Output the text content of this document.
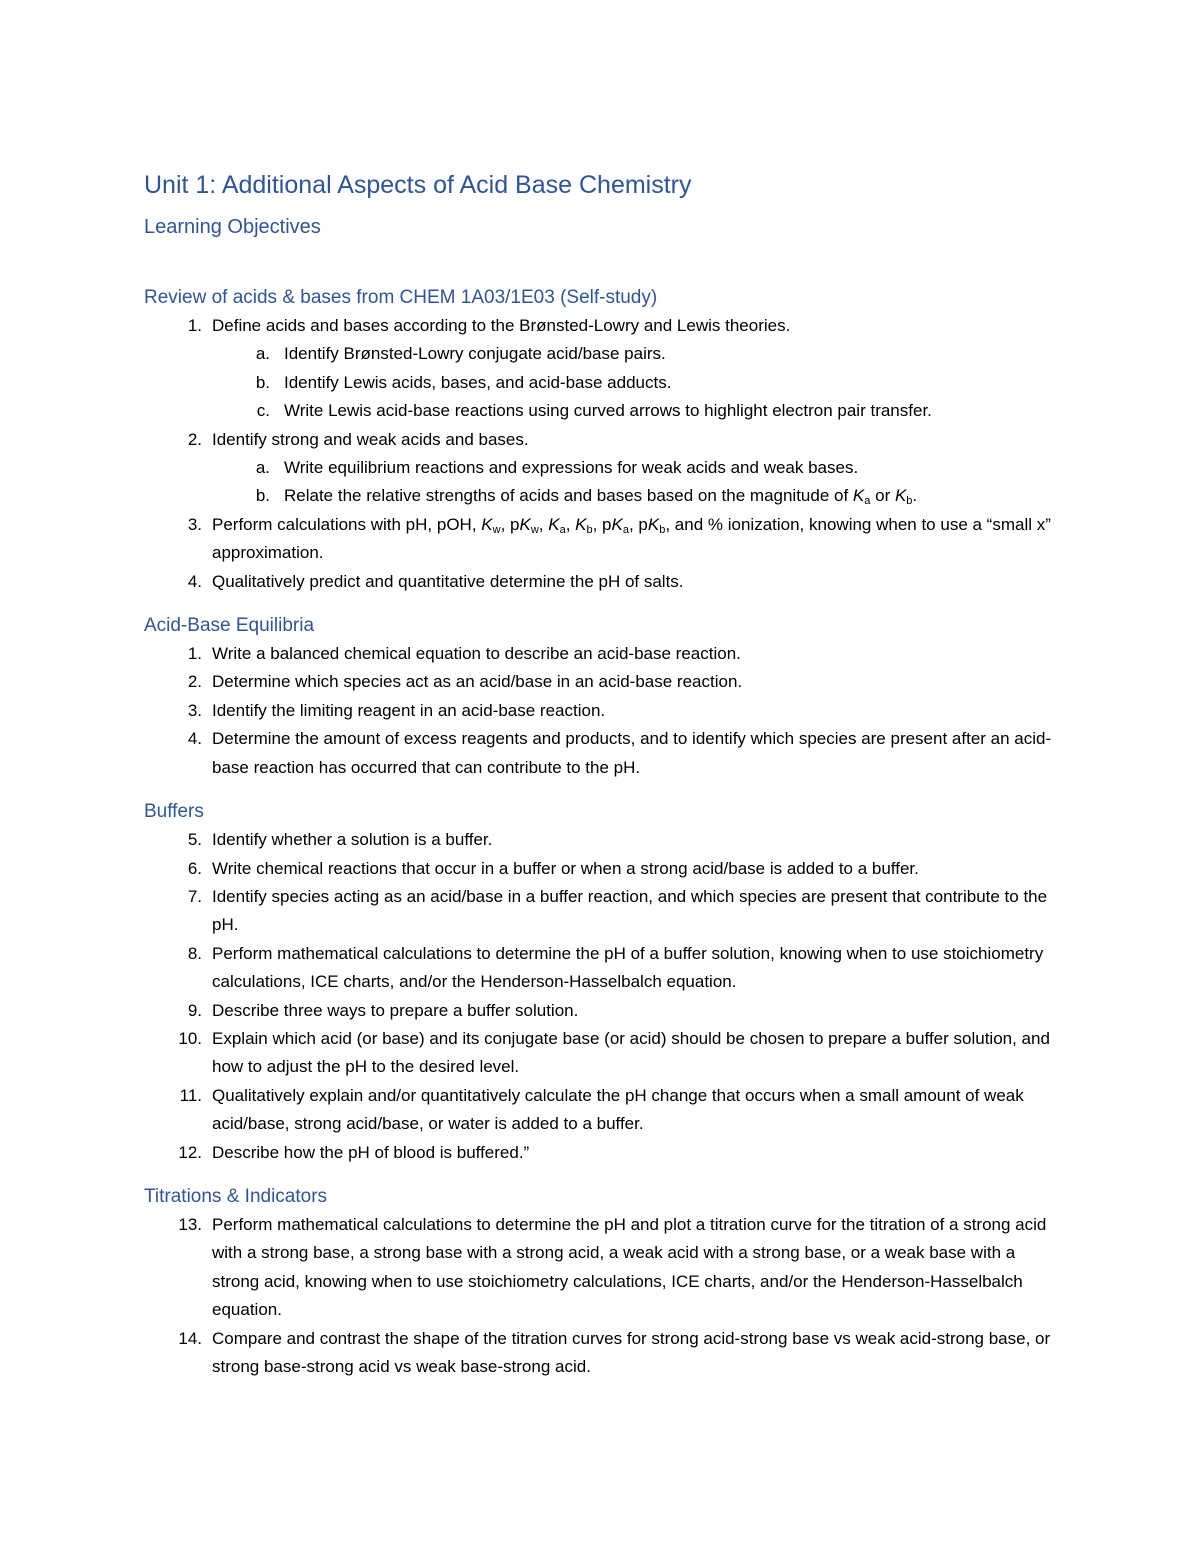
Unit 1: Additional Aspects of Acid Base Chemistry
Learning Objectives
Review of acids & bases from CHEM 1A03/1E03 (Self-study)
1. Define acids and bases according to the Brønsted-Lowry and Lewis theories.
a. Identify Brønsted-Lowry conjugate acid/base pairs.
b. Identify Lewis acids, bases, and acid-base adducts.
c. Write Lewis acid-base reactions using curved arrows to highlight electron pair transfer.
2. Identify strong and weak acids and bases.
a. Write equilibrium reactions and expressions for weak acids and weak bases.
b. Relate the relative strengths of acids and bases based on the magnitude of $K_a$ or $K_b$.
3. Perform calculations with pH, pOH, $K_w$, $pK_w$, $K_a$, $K_b$, $pK_a$, $pK_b$, and % ionization, knowing when to use a “small x” approximation.
4. Qualitatively predict and quantitative determine the pH of salts.
Acid-Base Equilibria
1. Write a balanced chemical equation to describe an acid-base reaction.
2. Determine which species act as an acid/base in an acid-base reaction.
3. Identify the limiting reagent in an acid-base reaction.
4. Determine the amount of excess reagents and products, and to identify which species are present after an acid-base reaction has occurred that can contribute to the pH.
Buffers
5. Identify whether a solution is a buffer.
6. Write chemical reactions that occur in a buffer or when a strong acid/base is added to a buffer.
7. Identify species acting as an acid/base in a buffer reaction, and which species are present that contribute to the pH.
8. Perform mathematical calculations to determine the pH of a buffer solution, knowing when to use stoichiometry calculations, ICE charts, and/or the Henderson-Hasselbalch equation.
9. Describe three ways to prepare a buffer solution.
10. Explain which acid (or base) and its conjugate base (or acid) should be chosen to prepare a buffer solution, and how to adjust the pH to the desired level.
11. Qualitatively explain and/or quantitatively calculate the pH change that occurs when a small amount of weak acid/base, strong acid/base, or water is added to a buffer.
12. Describe how the pH of blood is buffered.”
Titrations & Indicators
13. Perform mathematical calculations to determine the pH and plot a titration curve for the titration of a strong acid with a strong base, a strong base with a strong acid, a weak acid with a strong base, or a weak base with a strong acid, knowing when to use stoichiometry calculations, ICE charts, and/or the Henderson-Hasselbalch equation.
14. Compare and contrast the shape of the titration curves for strong acid-strong base vs weak acid-strong base, or strong base-strong acid vs weak base-strong acid.
